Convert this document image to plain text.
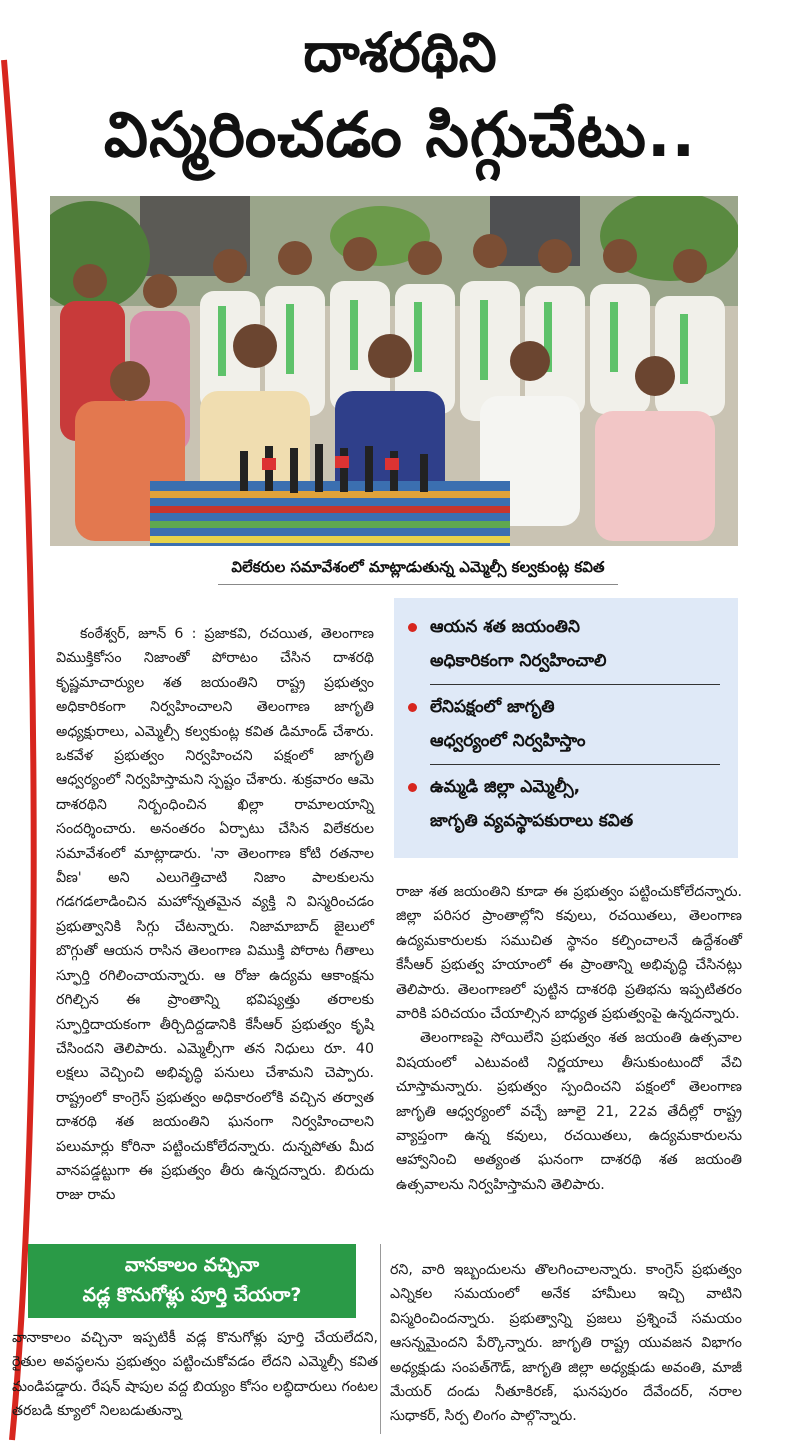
దాశరథిని
విస్మరించడం సిగ్గుచేటు..
విలేకరుల సమావేశంలో మాట్లాడుతున్న ఎమ్మెల్సీ కల్వకుంట్ల కవిత

కంఠేశ్వర్, జూన్ 6 : ప్రజాకవి, రచయిత, తెలంగాణ విముక్తికోసం నిజాంతో పోరాటం చేసిన దాశరథి కృష్ణమాచార్యుల శత జయంతిని రాష్ట్ర ప్రభుత్వం అధికారికంగా నిర్వహించాలని తెలంగాణ జాగృతి అధ్యక్షురాలు, ఎమ్మెల్సీ కల్వకుంట్ల కవిత డిమాండ్ చేశారు. ఒకవేళ ప్రభుత్వం నిర్వహించని పక్షంలో జాగృతి ఆధ్వర్యంలో నిర్వహిస్తామని స్పష్టం చేశారు. శుక్రవారం ఆమె దాశరథిని నిర్బంధించిన ఖిల్లా రామాలయాన్ని సందర్శించారు. అనంతరం ఏర్పాటు చేసిన విలేకరుల సమావేశంలో మాట్లాడారు. 'నా తెలంగాణ కోటి రతనాల వీణ' అని ఎలుగెత్తిచాటి నిజాం పాలకులను గడగడలాడించిన మహోన్నతమైన వ్యక్తి ని విస్మరించడం ప్రభుత్వానికి సిగ్గు చేటన్నారు. నిజామాబాద్ జైలులో బొగ్గుతో ఆయన రాసిన తెలంగాణ విముక్తి పోరాట గీతాలు స్ఫూర్తి రగిలించాయన్నారు. ఆ రోజు ఉద్యమ ఆకాంక్షను రగిల్చిన ఈ ప్రాంతాన్ని భవిష్యత్తు తరాలకు స్ఫూర్తిదాయకంగా తీర్చిదిద్దడానికి కేసీఆర్ ప్రభుత్వం కృషి చేసిందని తెలిపారు. ఎమ్మెల్సీగా తన నిధులు రూ. 40 లక్షలు వెచ్చించి అభివృద్ధి పనులు చేశామని చెప్పారు. రాష్ట్రంలో కాంగ్రెస్ ప్రభుత్వం అధికారంలోకి వచ్చిన తర్వాత దాశరథి శత జయంతిని ఘనంగా నిర్వహించాలని పలుమార్లు కోరినా పట్టించుకోలేదన్నారు. దున్నపోతు మీద వానపడ్డట్టుగా ఈ ప్రభుత్వం తీరు ఉన్నదన్నారు. బిరుదు రాజు రామ

ఆయన శత జయంతిని
అధికారికంగా నిర్వహించాలి
లేనిపక్షంలో జాగృతి
ఆధ్వర్యంలో నిర్వహిస్తాం
ఉమ్మడి జిల్లా ఎమ్మెల్సీ,
జాగృతి వ్యవస్థాపకురాలు కవిత

రాజు శత జయంతిని కూడా ఈ ప్రభుత్వం పట్టించుకోలేదన్నారు. జిల్లా పరిసర ప్రాంతాల్లోని కవులు, రచయితలు, తెలంగాణ ఉద్యమకారులకు సముచిత స్థానం కల్పించాలనే ఉద్దేశంతో కేసీఆర్ ప్రభుత్వ హయాంలో ఈ ప్రాంతాన్ని అభివృద్ధి చేసినట్లు తెలిపారు. తెలంగాణలో పుట్టిన దాశరథి ప్రతిభను ఇప్పటితరం వారికి పరిచయం చేయాల్సిన బాధ్యత ప్రభుత్వంపై ఉన్నదన్నారు.

తెలంగాణపై సోయిలేని ప్రభుత్వం శత జయంతి ఉత్సవాల విషయంలో ఎటువంటి నిర్ణయాలు తీసుకుంటుందో వేచి చూస్తామన్నారు. ప్రభుత్వం స్పందించని పక్షంలో తెలంగాణ జాగృతి ఆధ్వర్యంలో వచ్చే జూలై 21, 22వ తేదీల్లో రాష్ట్ర వ్యాప్తంగా ఉన్న కవులు, రచయితలు, ఉద్యమకారులను ఆహ్వానించి అత్యంత ఘనంగా దాశరథి శత జయంతి ఉత్సవాలను నిర్వహిస్తామని తెలిపారు.

వానకాలం వచ్చినా
వడ్ల కొనుగోళ్లు పూర్తి చేయరా?

వానాకాలం వచ్చినా ఇప్పటికీ వడ్ల కొనుగోళ్లు పూర్తి చేయలేదని, రైతుల అవస్థలను ప్రభుత్వం పట్టించుకోవడం లేదని ఎమ్మెల్సీ కవిత మండిపడ్డారు. రేషన్ షాపుల వద్ద బియ్యం కోసం లబ్ధిదారులు గంటల తరబడి క్యూలో నిలబడుతున్నా

రని, వారి ఇబ్బందులను తొలగించాలన్నారు. కాంగ్రెస్ ప్రభుత్వం ఎన్నికల సమయంలో అనేక హామీలు ఇచ్చి వాటిని విస్మరించిందన్నారు. ప్రభుత్వాన్ని ప్రజలు ప్రశ్నించే సమయం ఆసన్నమైందని పేర్కొన్నారు. జాగృతి రాష్ట్ర యువజన విభాగం అధ్యక్షుడు సంపత్‌గౌడ్, జాగృతి జిల్లా అధ్యక్షుడు అవంతి, మాజీ మేయర్ దండు నీతూకిరణ్, ఘనపురం దేవేందర్, నరాల సుధాకర్, సిర్ప లింగం పాల్గొన్నారు.
